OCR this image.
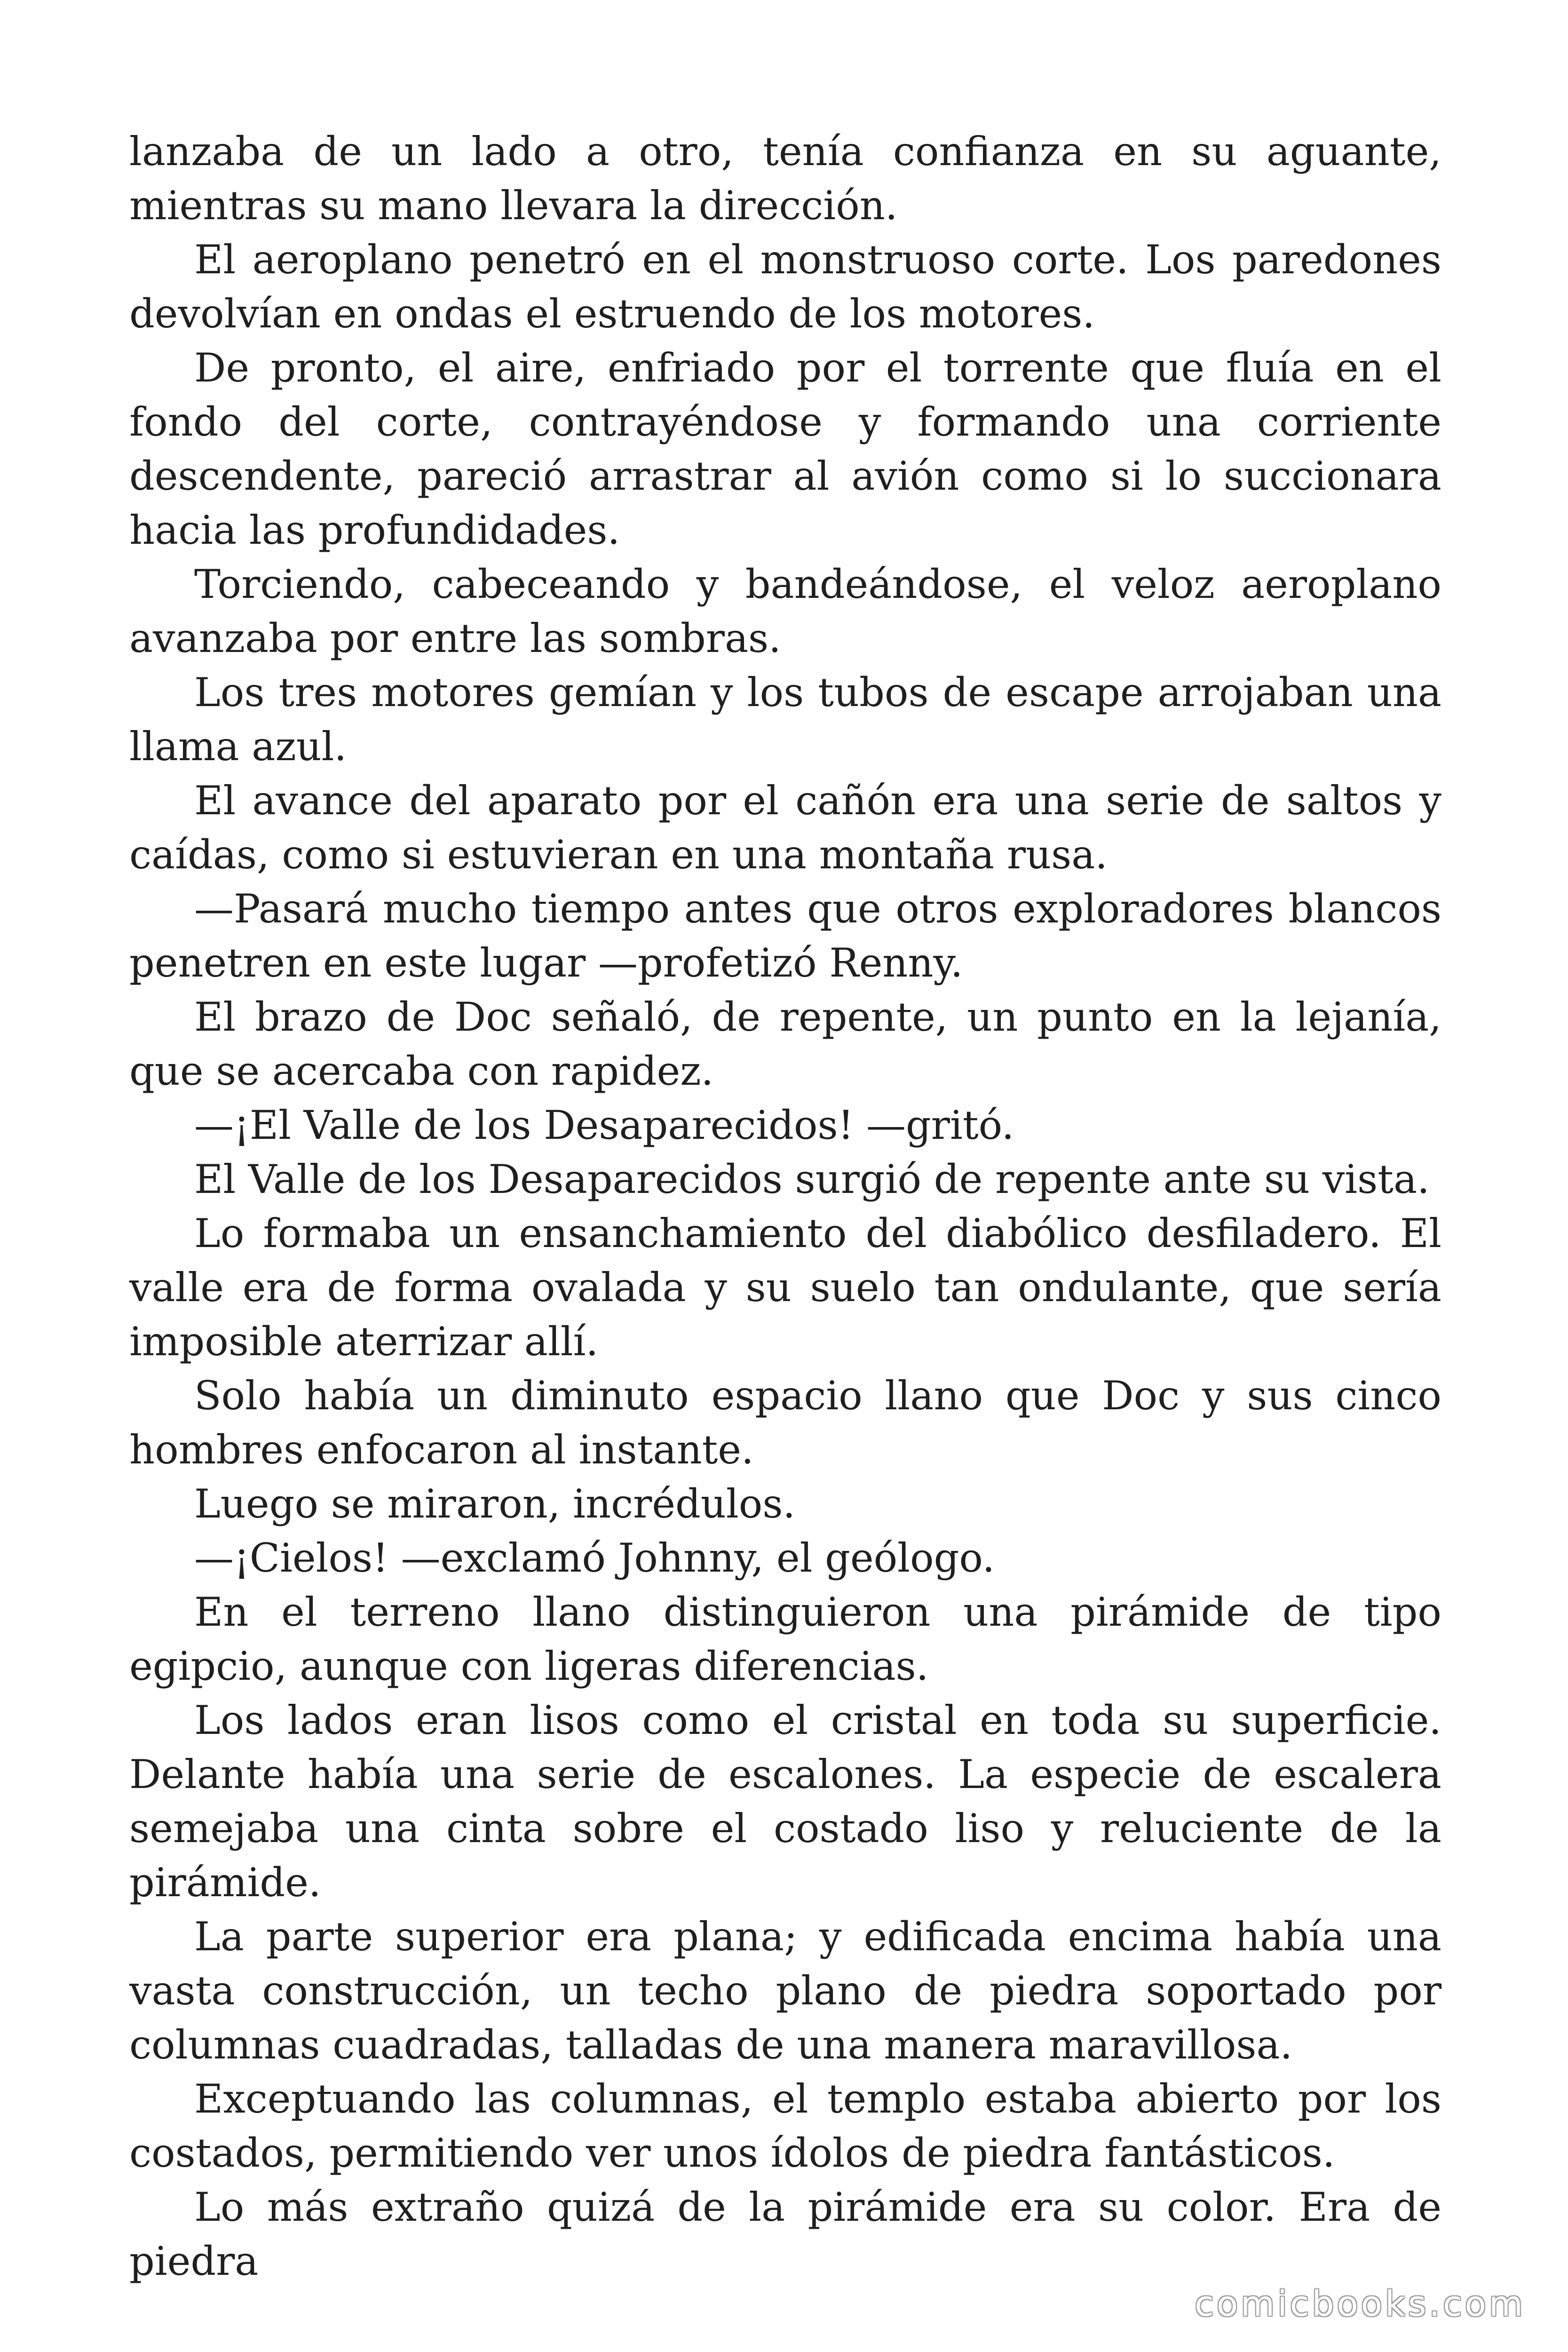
lanzaba de un lado a otro, tenía confianza en su aguante, mientras su mano llevara la dirección.

El aeroplano penetró en el monstruoso corte. Los paredones devolvían en ondas el estruendo de los motores.

De pronto, el aire, enfriado por el torrente que fluía en el fondo del corte, contrayéndose y formando una corriente descendente, pareció arrastrar al avión como si lo succionara hacia las profundidades.

Torciendo, cabeceando y bandeándose, el veloz aeroplano avanzaba por entre las sombras.

Los tres motores gemían y los tubos de escape arrojaban una llama azul.

El avance del aparato por el cañón era una serie de saltos y caídas, como si estuvieran en una montaña rusa.

—Pasará mucho tiempo antes que otros exploradores blancos penetren en este lugar —profetizó Renny.

El brazo de Doc señaló, de repente, un punto en la lejanía, que se acercaba con rapidez.

—¡El Valle de los Desaparecidos! —gritó.

El Valle de los Desaparecidos surgió de repente ante su vista.

Lo formaba un ensanchamiento del diabólico desfiladero. El valle era de forma ovalada y su suelo tan ondulante, que sería imposible aterrizar allí.

Solo había un diminuto espacio llano que Doc y sus cinco hombres enfocaron al instante.

Luego se miraron, incrédulos.

—¡Cielos! —exclamó Johnny, el geólogo.

En el terreno llano distinguieron una pirámide de tipo egipcio, aunque con ligeras diferencias.

Los lados eran lisos como el cristal en toda su superficie. Delante había una serie de escalones. La especie de escalera semejaba una cinta sobre el costado liso y reluciente de la pirámide.

La parte superior era plana; y edificada encima había una vasta construcción, un techo plano de piedra soportado por columnas cuadradas, talladas de una manera maravillosa.

Exceptuando las columnas, el templo estaba abierto por los costados, permitiendo ver unos ídolos de piedra fantásticos.

Lo más extraño quizá de la pirámide era su color. Era de piedra

comicbooks.com
